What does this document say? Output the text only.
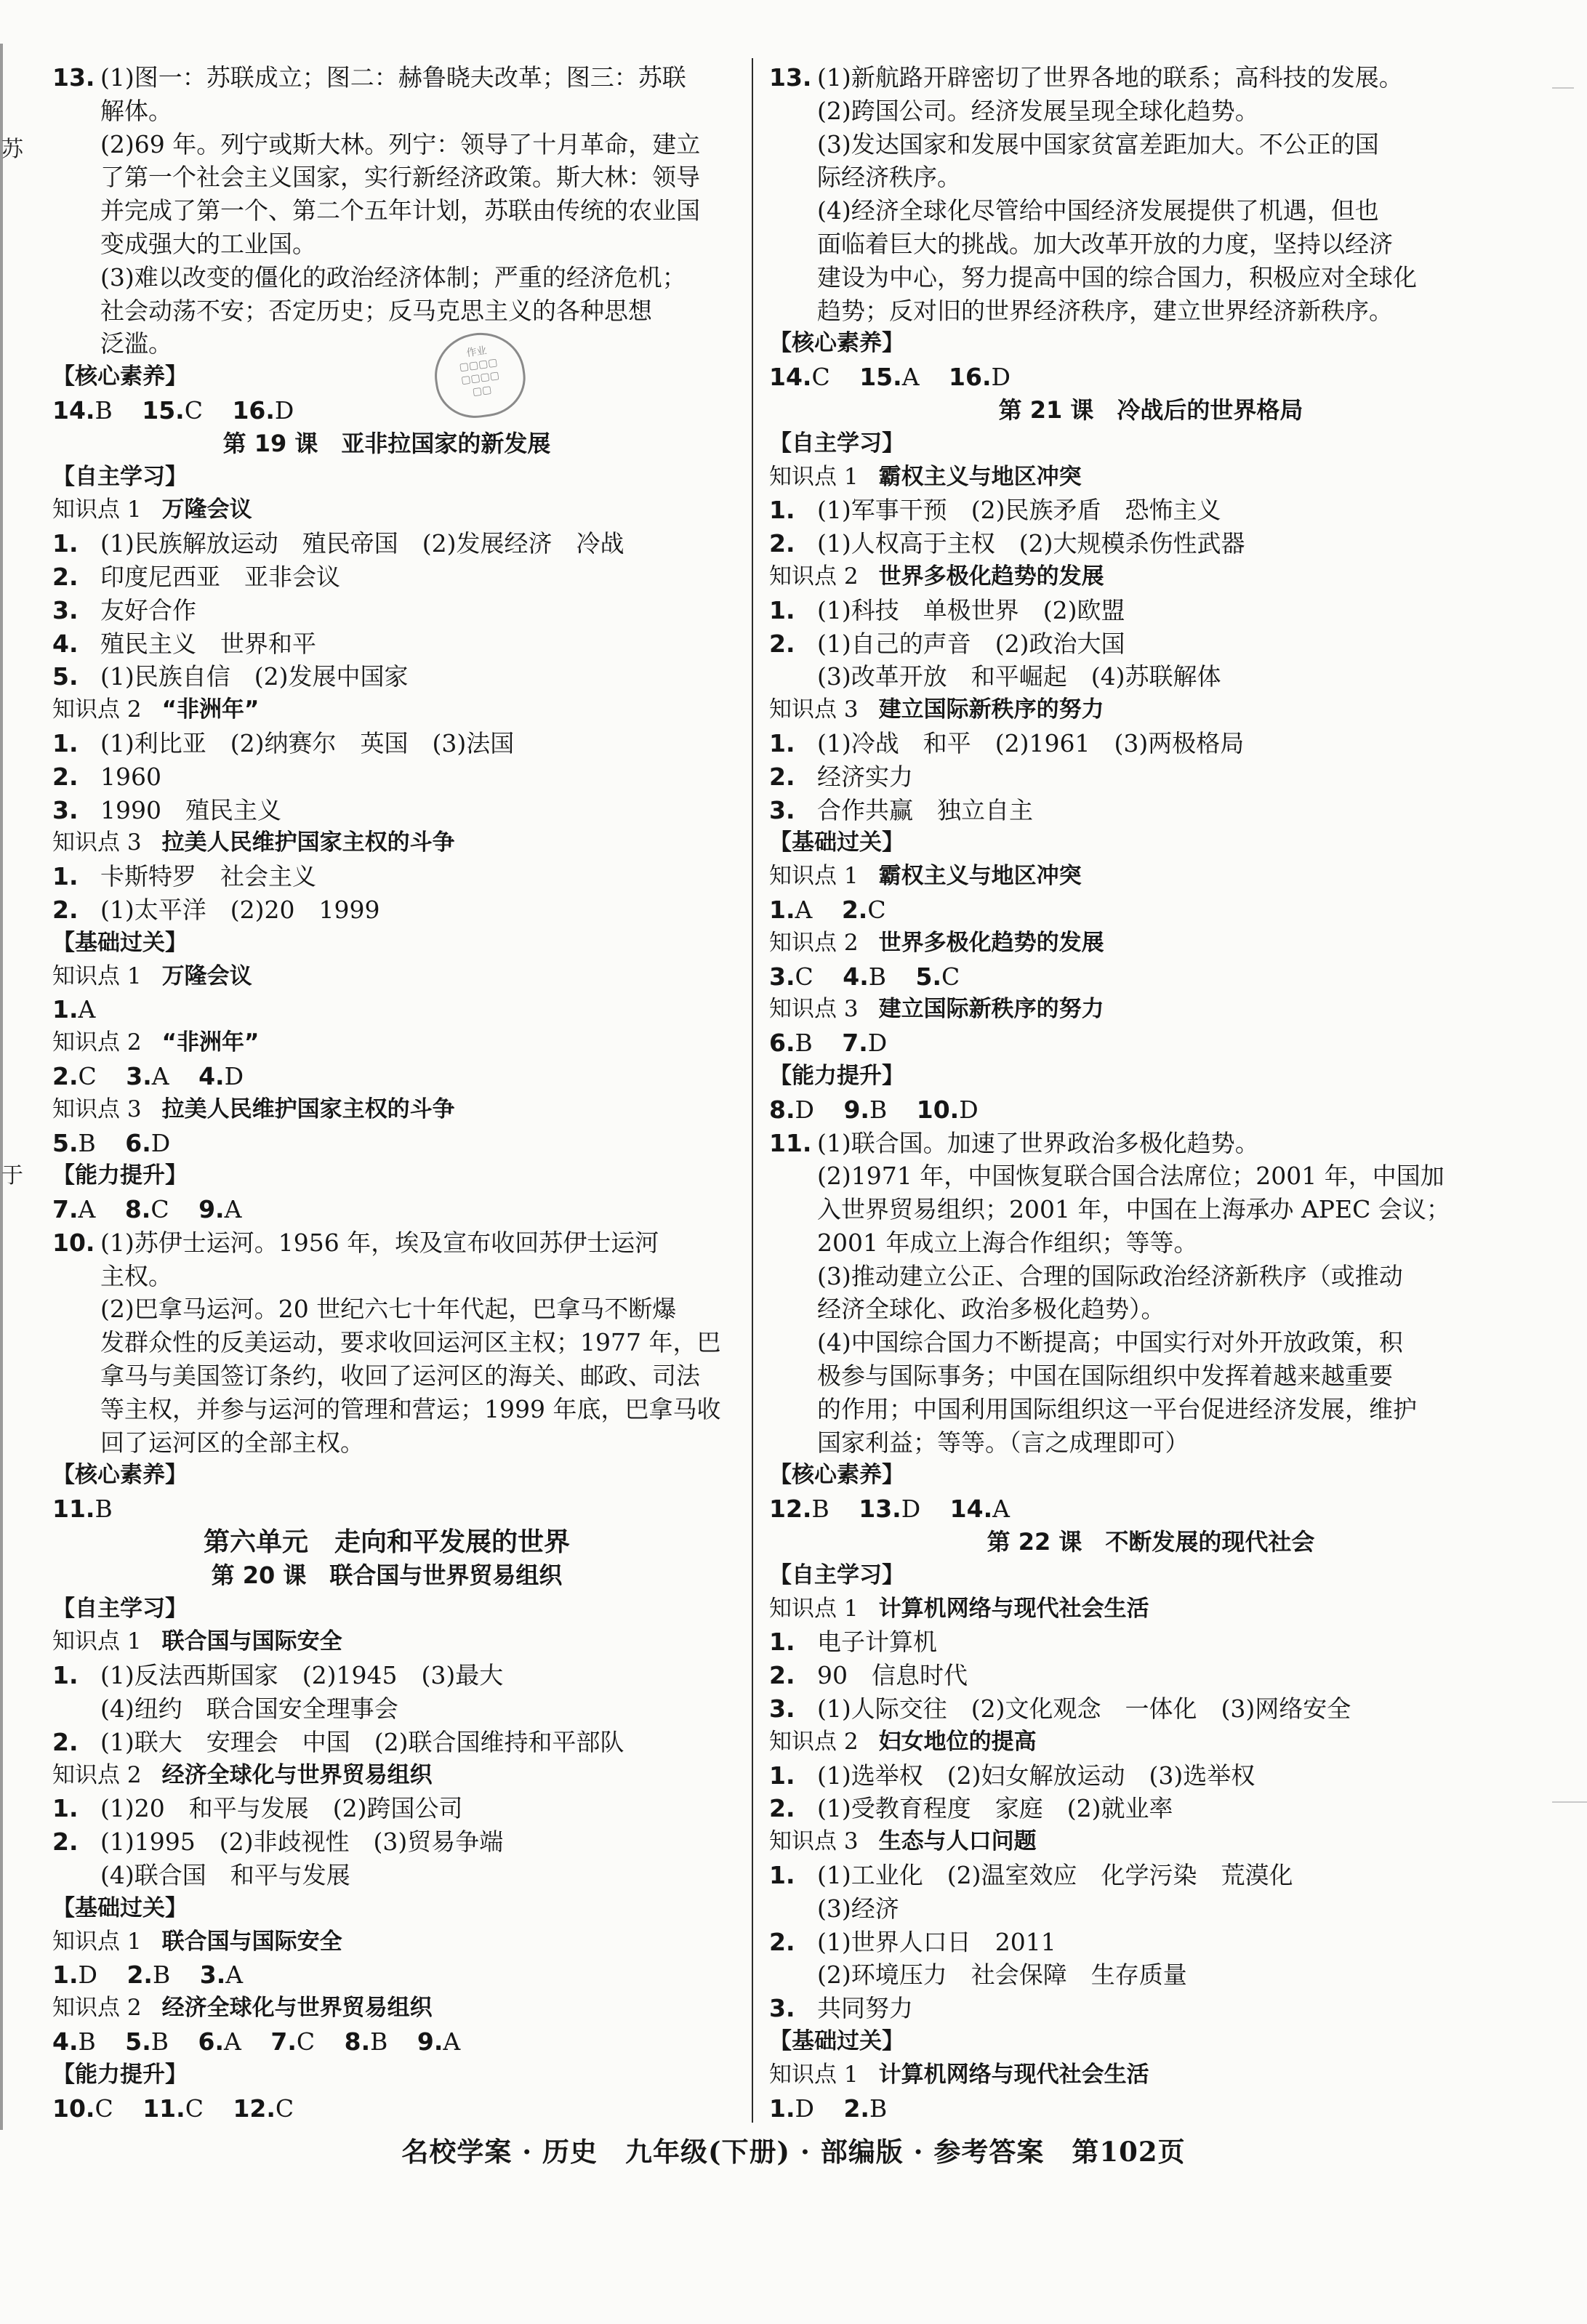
苏
于
作业
▢▢▢▢
▢▢▢▢
▢▢
13. (1)图一：苏联成立；图二：赫鲁晓夫改革；图三：苏联
解体。
(2)69 年。列宁或斯大林。列宁：领导了十月革命，建立
了第一个社会主义国家，实行新经济政策。斯大林：领导
并完成了第一个、第二个五年计划，苏联由传统的农业国
变成强大的工业国。
(3)难以改变的僵化的政治经济体制；严重的经济危机；
社会动荡不安；否定历史；反马克思主义的各种思想
泛滥。
【核心素养】
14.B 15.C 16.D
第 19 课　亚非拉国家的新发展
【自主学习】
知识点 1 万隆会议
1. (1)民族解放运动　殖民帝国　(2)发展经济　冷战
2. 印度尼西亚　亚非会议
3. 友好合作
4. 殖民主义　世界和平
5. (1)民族自信　(2)发展中国家
知识点 2 “非洲年”
1. (1)利比亚　(2)纳赛尔　英国　(3)法国
2. 1960
3. 1990　殖民主义
知识点 3 拉美人民维护国家主权的斗争
1. 卡斯特罗　社会主义
2. (1)太平洋　(2)20　1999
【基础过关】
知识点 1 万隆会议
1.A
知识点 2 “非洲年”
2.C 3.A 4.D
知识点 3 拉美人民维护国家主权的斗争
5.B 6.D
【能力提升】
7.A 8.C 9.A
10. (1)苏伊士运河。1956 年，埃及宣布收回苏伊士运河
主权。
(2)巴拿马运河。20 世纪六七十年代起，巴拿马不断爆
发群众性的反美运动，要求收回运河区主权；1977 年，巴
拿马与美国签订条约，收回了运河区的海关、邮政、司法
等主权，并参与运河的管理和营运；1999 年底，巴拿马收
回了运河区的全部主权。
【核心素养】
11.B
第六单元　走向和平发展的世界
第 20 课　联合国与世界贸易组织
【自主学习】
知识点 1 联合国与国际安全
1. (1)反法西斯国家　(2)1945　(3)最大
(4)纽约　联合国安全理事会
2. (1)联大　安理会　中国　(2)联合国维持和平部队
知识点 2 经济全球化与世界贸易组织
1. (1)20　和平与发展　(2)跨国公司
2. (1)1995　(2)非歧视性　(3)贸易争端
(4)联合国　和平与发展
【基础过关】
知识点 1 联合国与国际安全
1.D 2.B 3.A
知识点 2 经济全球化与世界贸易组织
4.B 5.B 6.A 7.C 8.B 9.A
【能力提升】
10.C 11.C 12.C
13. (1)新航路开辟密切了世界各地的联系；高科技的发展。
(2)跨国公司。经济发展呈现全球化趋势。
(3)发达国家和发展中国家贫富差距加大。不公正的国
际经济秩序。
(4)经济全球化尽管给中国经济发展提供了机遇，但也
面临着巨大的挑战。加大改革开放的力度，坚持以经济
建设为中心，努力提高中国的综合国力，积极应对全球化
趋势；反对旧的世界经济秩序，建立世界经济新秩序。
【核心素养】
14.C 15.A 16.D
第 21 课　冷战后的世界格局
【自主学习】
知识点 1 霸权主义与地区冲突
1. (1)军事干预　(2)民族矛盾　恐怖主义
2. (1)人权高于主权　(2)大规模杀伤性武器
知识点 2 世界多极化趋势的发展
1. (1)科技　单极世界　(2)欧盟
2. (1)自己的声音　(2)政治大国
(3)改革开放　和平崛起　(4)苏联解体
知识点 3 建立国际新秩序的努力
1. (1)冷战　和平　(2)1961　(3)两极格局
2. 经济实力
3. 合作共赢　独立自主
【基础过关】
知识点 1 霸权主义与地区冲突
1.A 2.C
知识点 2 世界多极化趋势的发展
3.C 4.B 5.C
知识点 3 建立国际新秩序的努力
6.B 7.D
【能力提升】
8.D 9.B 10.D
11. (1)联合国。加速了世界政治多极化趋势。
(2)1971 年，中国恢复联合国合法席位；2001 年，中国加
入世界贸易组织；2001 年，中国在上海承办 APEC 会议；
2001 年成立上海合作组织；等等。
(3)推动建立公正、合理的国际政治经济新秩序（或推动
经济全球化、政治多极化趋势）。
(4)中国综合国力不断提高；中国实行对外开放政策，积
极参与国际事务；中国在国际组织中发挥着越来越重要
的作用；中国利用国际组织这一平台促进经济发展，维护
国家利益；等等。（言之成理即可）
【核心素养】
12.B 13.D 14.A
第 22 课　不断发展的现代社会
【自主学习】
知识点 1 计算机网络与现代社会生活
1. 电子计算机
2. 90　信息时代
3. (1)人际交往　(2)文化观念　一体化　(3)网络安全
知识点 2 妇女地位的提高
1. (1)选举权　(2)妇女解放运动　(3)选举权
2. (1)受教育程度　家庭　(2)就业率
知识点 3 生态与人口问题
1. (1)工业化　(2)温室效应　化学污染　荒漠化
(3)经济
2. (1)世界人口日　2011
(2)环境压力　社会保障　生存质量
3. 共同努力
【基础过关】
知识点 1 计算机网络与现代社会生活
1.D 2.B
名校学案 · 历史　九年级(下册) · 部编版 · 参考答案　第102页
